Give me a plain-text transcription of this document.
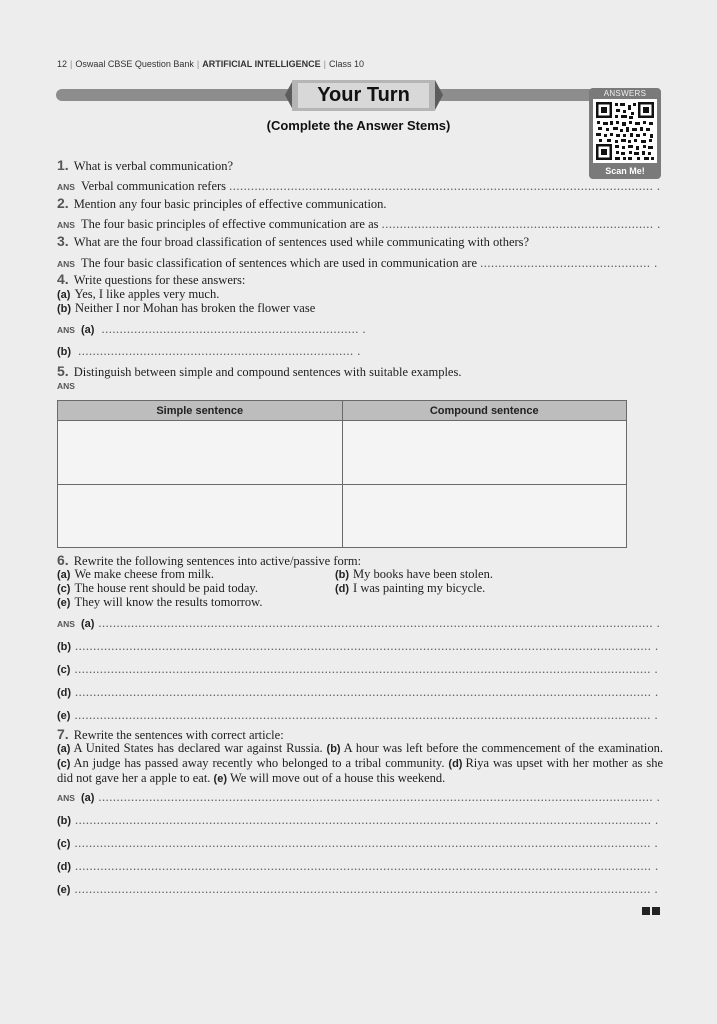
12 | Oswaal CBSE Question Bank | ARTIFICIAL INTELLIGENCE | Class 10
Your Turn
(Complete the Answer Stems)
ANSWERS
Scan Me!
1. What is verbal communication?
ANS Verbal communication refers ..................................................................................................................... .
2. Mention any four basic principles of effective communication.
ANS The four basic principles of effective communication are as ........................................................................... .
3. What are the four broad classification of sentences used while communicating with others?
ANS The four basic classification of sentences which are used in communication are ............................................... .
4. Write questions for these answers:
(a) Yes, I like apples very much.
(b) Neither I nor Mohan has broken the flower vase
ANS (a) ....................................................................... .
(b) ............................................................................ .
5. Distinguish between simple and compound sentences with suitable examples.
ANS
Simple sentence	Compound sentence

6. Rewrite the following sentences into active/passive form:
(a) We make cheese from milk.	(b) My books have been stolen.
(c) The house rent should be paid today.	(d) I was painting my bicycle.
(e) They will know the results tomorrow.
ANS (a) ......................................................................................................................................................... .
(b) ............................................................................................................................................................... .
(c) ............................................................................................................................................................... .
(d) ............................................................................................................................................................... .
(e) ............................................................................................................................................................... .
7. Rewrite the sentences with correct article:
(a) A United States has declared war against Russia. (b) A hour was left before the commencement of the examination. (c) An judge has passed away recently who belonged to a tribal community. (d) Riya was upset with her mother as she did not gave her a apple to eat. (e) We will move out of a house this weekend.
ANS (a) ......................................................................................................................................................... .
(b) ............................................................................................................................................................... .
(c) ............................................................................................................................................................... .
(d) ............................................................................................................................................................... .
(e) ............................................................................................................................................................... .
